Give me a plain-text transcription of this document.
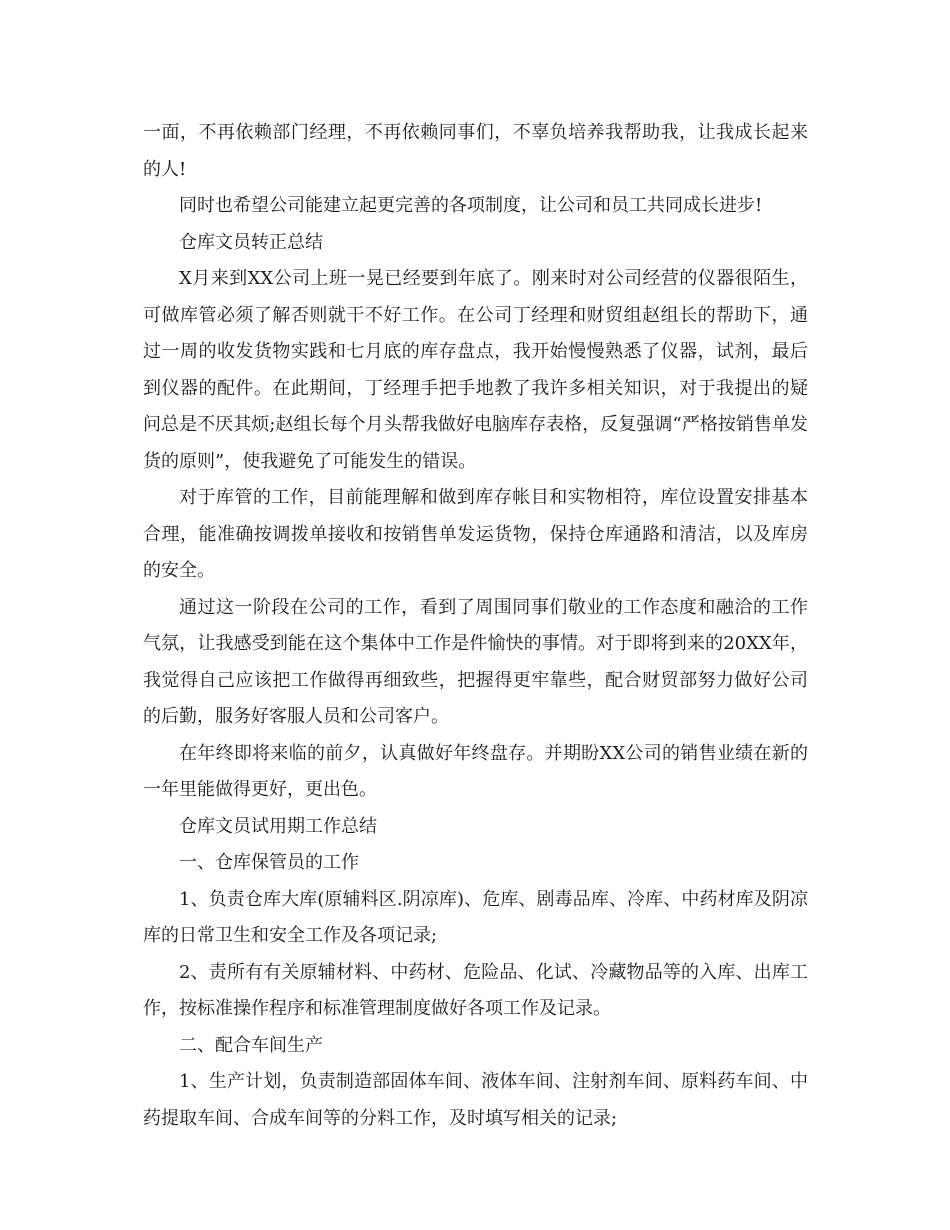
一面，不再依赖部门经理，不再依赖同事们，不辜负培养我帮助我，让我成长起来的人!

同时也希望公司能建立起更完善的各项制度，让公司和员工共同成长进步!

仓库文员转正总结

X月来到XX公司上班一晃已经要到年底了。刚来时对公司经营的仪器很陌生，可做库管必须了解否则就干不好工作。在公司丁经理和财贸组赵组长的帮助下，通过一周的收发货物实践和七月底的库存盘点，我开始慢慢熟悉了仪器，试剂，最后到仪器的配件。在此期间，丁经理手把手地教了我许多相关知识，对于我提出的疑问总是不厌其烦;赵组长每个月头帮我做好电脑库存表格，反复强调“严格按销售单发货的原则”，使我避免了可能发生的错误。

对于库管的工作，目前能理解和做到库存帐目和实物相符，库位设置安排基本合理，能准确按调拨单接收和按销售单发运货物，保持仓库通路和清洁，以及库房的安全。

通过这一阶段在公司的工作，看到了周围同事们敬业的工作态度和融洽的工作气氛，让我感受到能在这个集体中工作是件愉快的事情。对于即将到来的20XX年，我觉得自己应该把工作做得再细致些，把握得更牢靠些，配合财贸部努力做好公司的后勤，服务好客服人员和公司客户。

在年终即将来临的前夕，认真做好年终盘存。并期盼XX公司的销售业绩在新的一年里能做得更好，更出色。

仓库文员试用期工作总结

一、仓库保管员的工作

1、负责仓库大库(原辅料区.阴凉库)、危库、剧毒品库、冷库、中药材库及阴凉库的日常卫生和安全工作及各项记录;

2、责所有有关原辅材料、中药材、危险品、化试、冷藏物品等的入库、出库工作，按标准操作程序和标准管理制度做好各项工作及记录。

二、配合车间生产

1、生产计划，负责制造部固体车间、液体车间、注射剂车间、原料药车间、中药提取车间、合成车间等的分料工作，及时填写相关的记录;
